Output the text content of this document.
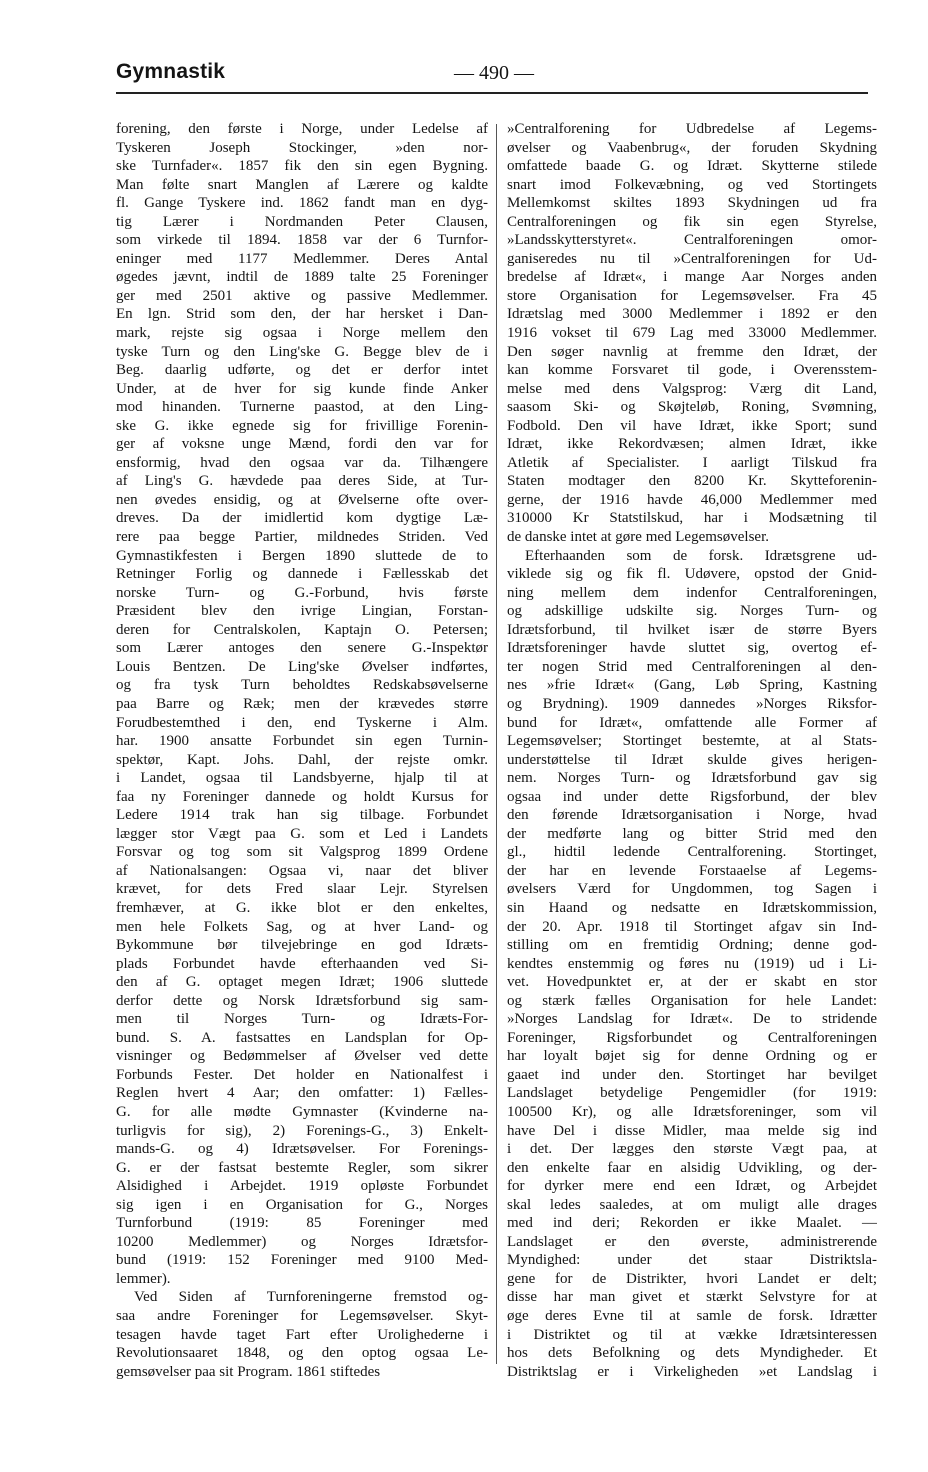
Gymnastik	— 490 —
forening, den første i Norge, under Ledelse af
Tyskeren Joseph Stockinger, »den nor-
ske Turnfader«. 1857 fik den sin egen Bygning.
Man følte snart Manglen af Lærere og kaldte
fl. Gange Tyskere ind. 1862 fandt man en dyg-
tig Lærer i Nordmanden Peter Clausen,
som virkede til 1894. 1858 var der 6 Turnfor-
eninger med 1177 Medlemmer. Deres Antal
øgedes jævnt, indtil de 1889 talte 25 Foreninger
ger med 2501 aktive og passive Medlemmer.
En lgn. Strid som den, der har hersket i Dan-
mark, rejste sig ogsaa i Norge mellem den
tyske Turn og den Ling'ske G. Begge blev de i
Beg. daarlig udførte, og det er derfor intet
Under, at de hver for sig kunde finde Anker
mod hinanden. Turnerne paastod, at den Ling-
ske G. ikke egnede sig for frivillige Forenin-
ger af voksne unge Mænd, fordi den var for
ensformig, hvad den ogsaa var da. Tilhængere
af Ling's G. hævdede paa deres Side, at Tur-
nen øvedes ensidig, og at Øvelserne ofte over-
dreves. Da der imidlertid kom dygtige Læ-
rere paa begge Partier, mildnedes Striden. Ved
Gymnastikfesten i Bergen 1890 sluttede de to
Retninger Forlig og dannede i Fællesskab det
norske Turn- og G.-Forbund, hvis første
Præsident blev den ivrige Lingian, Forstan-
deren for Centralskolen, Kaptajn O. Petersen;
som Lærer antoges den senere G.-Inspektør
Louis Bentzen. De Ling'ske Øvelser indførtes,
og fra tysk Turn beholdtes Redskabsøvelserne
paa Barre og Ræk; men der krævedes større
Forudbestemthed i den, end Tyskerne i Alm.
har. 1900 ansatte Forbundet sin egen Turnin-
spektør, Kapt. Johs. Dahl, der rejste omkr.
i Landet, ogsaa til Landsbyerne, hjalp til at
faa ny Foreninger dannede og holdt Kursus for
Ledere 1914 trak han sig tilbage. Forbundet
lægger stor Vægt paa G. som et Led i Landets
Forsvar og tog som sit Valgsprog 1899 Ordene
af Nationalsangen: Ogsaa vi, naar det bliver
krævet, for dets Fred slaar Lejr. Styrelsen
fremhæver, at G. ikke blot er den enkeltes,
men hele Folkets Sag, og at hver Land- og
Bykommune bør tilvejebringe en god Idræts-
plads Forbundet havde efterhaanden ved Si-
den af G. optaget megen Idræt; 1906 sluttede
derfor dette og Norsk Idrætsforbund sig sam-
men til Norges Turn- og Idræts-For-
bund. S. A. fastsattes en Landsplan for Op-
visninger og Bedømmelser af Øvelser ved dette
Forbunds Fester. Det holder en Nationalfest i
Reglen hvert 4 Aar; den omfatter: 1) Fælles-
G. for alle mødte Gymnaster (Kvinderne na-
turligvis for sig), 2) Forenings-G., 3) Enkelt-
mands-G. og 4) Idrætsøvelser. For Forenings-
G. er der fastsat bestemte Regler, som sikrer
Alsidighed i Arbejdet. 1919 opløste Forbundet
sig igen i en Organisation for G., Norges
Turnforbund (1919: 85 Foreninger med
10200 Medlemmer) og Norges Idrætsfor-
bund (1919: 152 Foreninger med 9100 Med-
lemmer).
Ved Siden af Turnforeningerne fremstod og-
saa andre Foreninger for Legemsøvelser. Skyt-
tesagen havde taget Fart efter Urolighederne i
Revolutionsaaret 1848, og den optog ogsaa Le-
gemsøvelser paa sit Program. 1861 stiftedes
»Centralforening for Udbredelse af Legems-
øvelser og Vaabenbrug«, der foruden Skydning
omfattede baade G. og Idræt. Skytterne stilede
snart imod Folkevæbning, og ved Stortingets
Mellemkomst skiltes 1893 Skydningen ud fra
Centralforeningen og fik sin egen Styrelse,
»Landsskytterstyret«. Centralforeningen omor-
ganiseredes nu til »Centralforeningen for Ud-
bredelse af Idræt«, i mange Aar Norges anden
store Organisation for Legemsøvelser. Fra 45
Idrætslag med 3000 Medlemmer i 1892 er den
1916 vokset til 679 Lag med 33000 Medlemmer.
Den søger navnlig at fremme den Idræt, der
kan komme Forsvaret til gode, i Overensstem-
melse med dens Valgsprog: Værg dit Land,
saasom Ski- og Skøjteløb, Roning, Svømning,
Fodbold. Den vil have Idræt, ikke Sport; sund
Idræt, ikke Rekordvæsen; almen Idræt, ikke
Atletik af Specialister. I aarligt Tilskud fra
Staten modtager den 8200 Kr. Skytteforenin-
gerne, der 1916 havde 46,000 Medlemmer med
310000 Kr Statstilskud, har i Modsætning til
de danske intet at gøre med Legemsøvelser.
Efterhaanden som de forsk. Idrætsgrene ud-
viklede sig og fik fl. Udøvere, opstod der Gnid-
ning mellem dem indenfor Centralforeningen,
og adskillige udskilte sig. Norges Turn- og
Idrætsforbund, til hvilket især de større Byers
Idrætsforeninger havde sluttet sig, overtog ef-
ter nogen Strid med Centralforeningen al den-
nes »frie Idræt« (Gang, Løb Spring, Kastning
og Brydning). 1909 dannedes »Norges Riksfor-
bund for Idræt«, omfattende alle Former af
Legemsøvelser; Stortinget bestemte, at al Stats-
understøttelse til Idræt skulde gives herigen-
nem. Norges Turn- og Idrætsforbund gav sig
ogsaa ind under dette Rigsforbund, der blev
den førende Idrætsorganisation i Norge, hvad
der medførte lang og bitter Strid med den
gl., hidtil ledende Centralforening. Stortinget,
der har en levende Forstaaelse af Legems-
øvelsers Værd for Ungdommen, tog Sagen i
sin Haand og nedsatte en Idrætskommission,
der 20. Apr. 1918 til Stortinget afgav sin Ind-
stilling om en fremtidig Ordning; denne god-
kendtes enstemmig og føres nu (1919) ud i Li-
vet. Hovedpunktet er, at der er skabt en stor
og stærk fælles Organisation for hele Landet:
»Norges Landslag for Idræt«. De to stridende
Foreninger, Rigsforbundet og Centralforeningen
har loyalt bøjet sig for denne Ordning og er
gaaet ind under den. Stortinget har bevilget
Landslaget betydelige Pengemidler (for 1919:
100500 Kr), og alle Idrætsforeninger, som vil
have Del i disse Midler, maa melde sig ind
i det. Der lægges den største Vægt paa, at
den enkelte faar en alsidig Udvikling, og der-
for dyrker mere end een Idræt, og Arbejdet
skal ledes saaledes, at om muligt alle drages
med ind deri; Rekorden er ikke Maalet. —
Landslaget er den øverste, administrerende
Myndighed: under det staar Distriktsla-
gene for de Distrikter, hvori Landet er delt;
disse har man givet et stærkt Selvstyre for at
øge deres Evne til at samle de forsk. Idrætter
i Distriktet og til at vække Idrætsinteressen
hos dets Befolkning og dets Myndigheder. Et
Distriktslag er i Virkeligheden »et Landslag i
